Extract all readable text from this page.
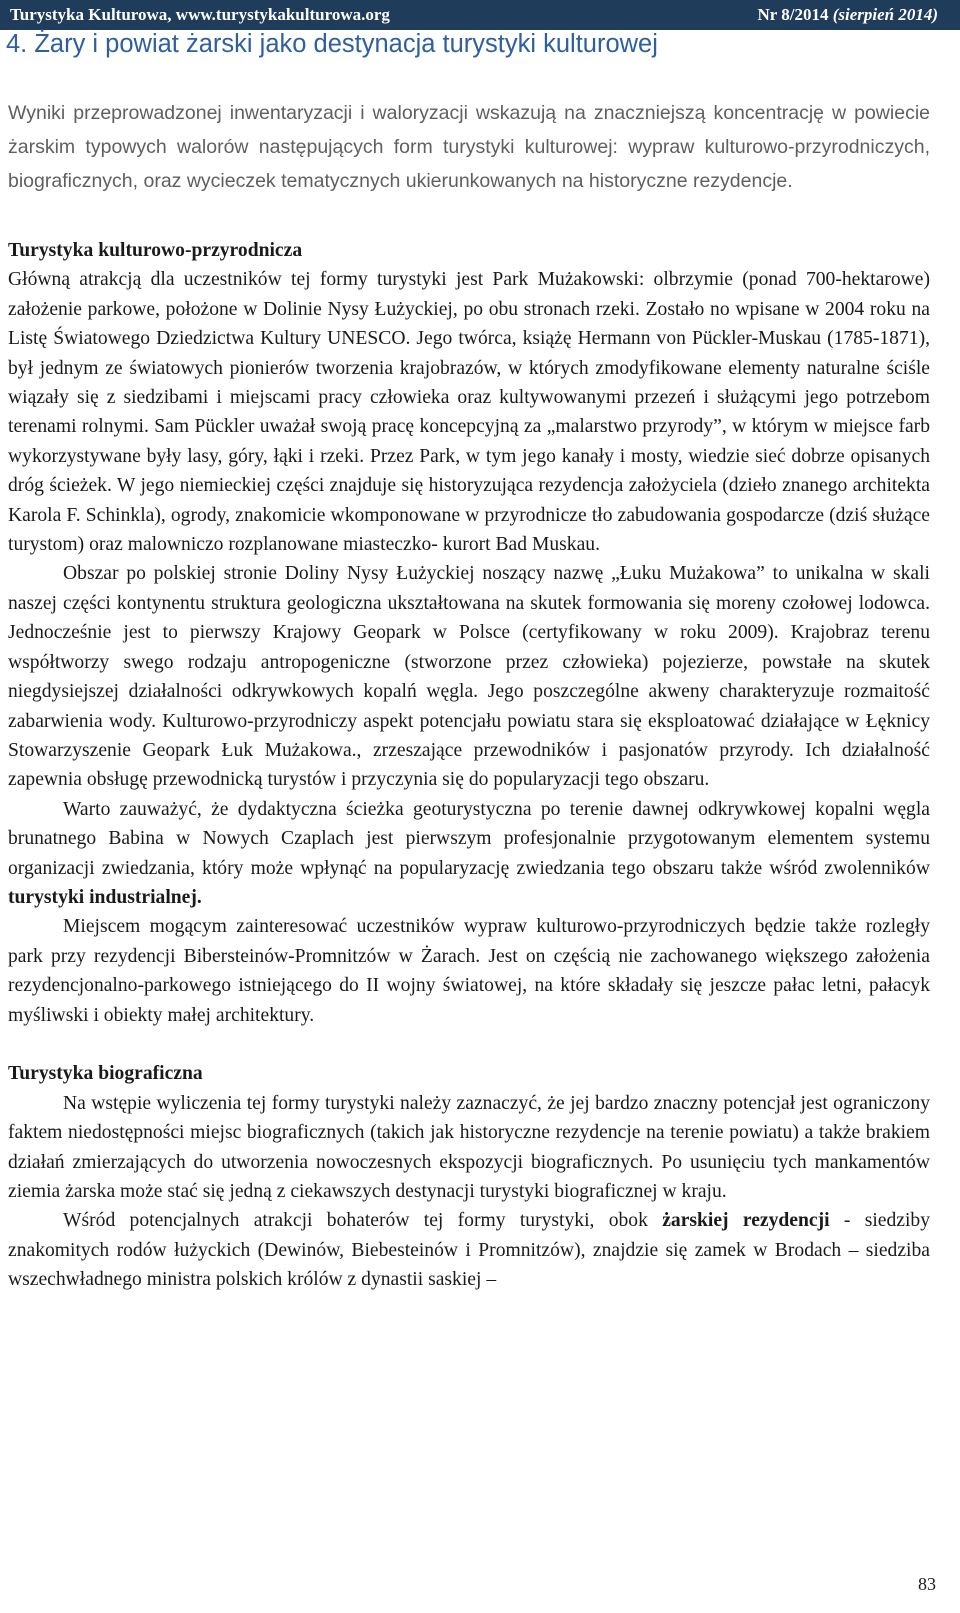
Turystyka Kulturowa, www.turystykakulturowa.org	Nr 8/2014 (sierpień 2014)
4. Żary i powiat żarski jako destynacja turystyki kulturowej

Wyniki przeprowadzonej inwentaryzacji i waloryzacji wskazują na znaczniejszą koncentrację w powiecie żarskim typowych walorów następujących form turystyki kulturowej: wypraw kulturowo-przyrodniczych, biograficznych, oraz wycieczek tematycznych ukierunkowanych na historyczne rezydencje.

Turystyka kulturowo-przyrodnicza

Główną atrakcją dla uczestników tej formy turystyki jest Park Mużakowski: olbrzymie (ponad 700-hektarowe) założenie parkowe, położone w Dolinie Nysy Łużyckiej, po obu stronach rzeki. Zostało no wpisane w 2004 roku na Listę Światowego Dziedzictwa Kultury UNESCO. Jego twórca, książę Hermann von Pückler-Muskau (1785-1871), był jednym ze światowych pionierów tworzenia krajobrazów, w których zmodyfikowane elementy naturalne ściśle wiązały się z siedzibami i miejscami pracy człowieka oraz kultywowanymi przezeń i służącymi jego potrzebom terenami rolnymi. Sam Pückler uważał swoją pracę koncepcyjną za „malarstwo przyrody”, w którym w miejsce farb wykorzystywane były lasy, góry, łąki i rzeki. Przez Park, w tym jego kanały i mosty, wiedzie sieć dobrze opisanych dróg ścieżek. W jego niemieckiej części znajduje się historyzująca rezydencja założyciela (dzieło znanego architekta Karola F. Schinkla), ogrody, znakomicie wkomponowane w przyrodnicze tło zabudowania gospodarcze (dziś służące turystom) oraz malowniczo rozplanowane miasteczko- kurort Bad Muskau.

Obszar po polskiej stronie Doliny Nysy Łużyckiej noszący nazwę „Łuku Mużakowa” to unikalna w skali naszej części kontynentu struktura geologiczna ukształtowana na skutek formowania się moreny czołowej lodowca. Jednocześnie jest to pierwszy Krajowy Geopark w Polsce (certyfikowany w roku 2009). Krajobraz terenu współtworzy swego rodzaju antropogeniczne (stworzone przez człowieka) pojezierze, powstałe na skutek niegdysiejszej działalności odkrywkowych kopalń węgla. Jego poszczególne akweny charakteryzuje rozmaitość zabarwienia wody. Kulturowo-przyrodniczy aspekt potencjału powiatu stara się eksploatować działające w Łęknicy Stowarzyszenie Geopark Łuk Mużakowa., zrzeszające przewodników i pasjonatów przyrody. Ich działalność zapewnia obsługę przewodnicką turystów i przyczynia się do popularyzacji tego obszaru.

Warto zauważyć, że dydaktyczna ścieżka geoturystyczna po terenie dawnej odkrywkowej kopalni węgla brunatnego Babina w Nowych Czaplach jest pierwszym profesjonalnie przygotowanym elementem systemu organizacji zwiedzania, który może wpłynąć na popularyzację zwiedzania tego obszaru także wśród zwolenników turystyki industrialnej.

Miejscem mogącym zainteresować uczestników wypraw kulturowo-przyrodniczych będzie także rozległy park przy rezydencji Bibersteinów-Promnitzów w Żarach. Jest on częścią nie zachowanego większego założenia rezydencjonalno-parkowego istniejącego do II wojny światowej, na które składały się jeszcze pałac letni, pałacyk myśliwski i obiekty małej architektury.

Turystyka biograficzna

Na wstępie wyliczenia tej formy turystyki należy zaznaczyć, że jej bardzo znaczny potencjał jest ograniczony faktem niedostępności miejsc biograficznych (takich jak historyczne rezydencje na terenie powiatu) a także brakiem działań zmierzających do utworzenia nowoczesnych ekspozycji biograficznych. Po usunięciu tych mankamentów ziemia żarska może stać się jedną z ciekawszych destynacji turystyki biograficznej w kraju.

Wśród potencjalnych atrakcji bohaterów tej formy turystyki, obok żarskiej rezydencji - siedziby znakomitych rodów łużyckich (Dewinów, Biebesteinów i Promnitzów), znajdzie się zamek w Brodach – siedziba wszechwładnego ministra polskich królów z dynastii saskiej –

83
